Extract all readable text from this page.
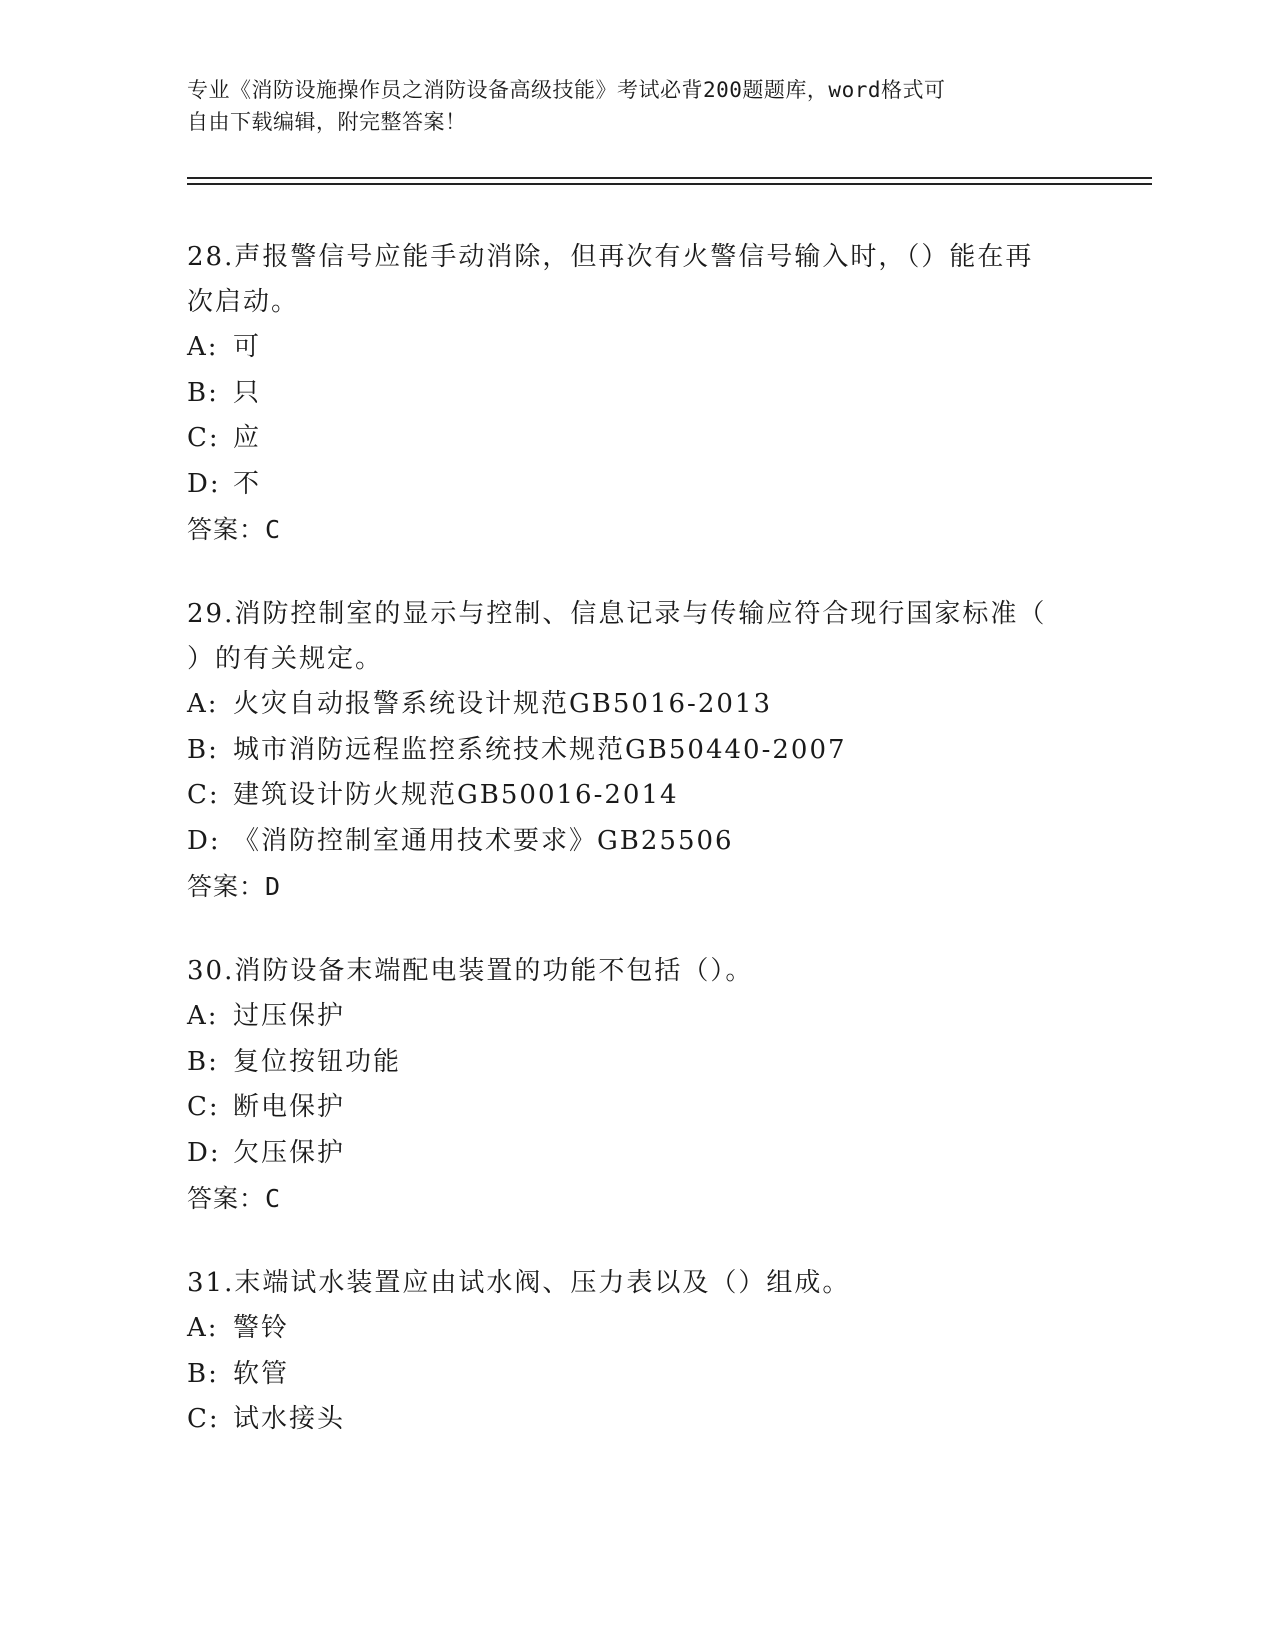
专业《消防设施操作员之消防设备高级技能》考试必背200题题库，word格式可
自由下载编辑，附完整答案！

28.声报警信号应能手动消除，但再次有火警信号输入时，（）能在再
次启动。

A: 可

B: 只

C: 应

D: 不

答案：C

29.消防控制室的显示与控制、信息记录与传输应符合现行国家标准（
）的有关规定。

A: 火灾自动报警系统设计规范GB5016-2013

B: 城市消防远程监控系统技术规范GB50440-2007

C: 建筑设计防火规范GB50016-2014

D: 《消防控制室通用技术要求》GB25506

答案：D

30.消防设备末端配电装置的功能不包括（）。

A: 过压保护

B: 复位按钮功能

C: 断电保护

D: 欠压保护

答案：C

31.末端试水装置应由试水阀、压力表以及（）组成。

A: 警铃

B: 软管

C: 试水接头
